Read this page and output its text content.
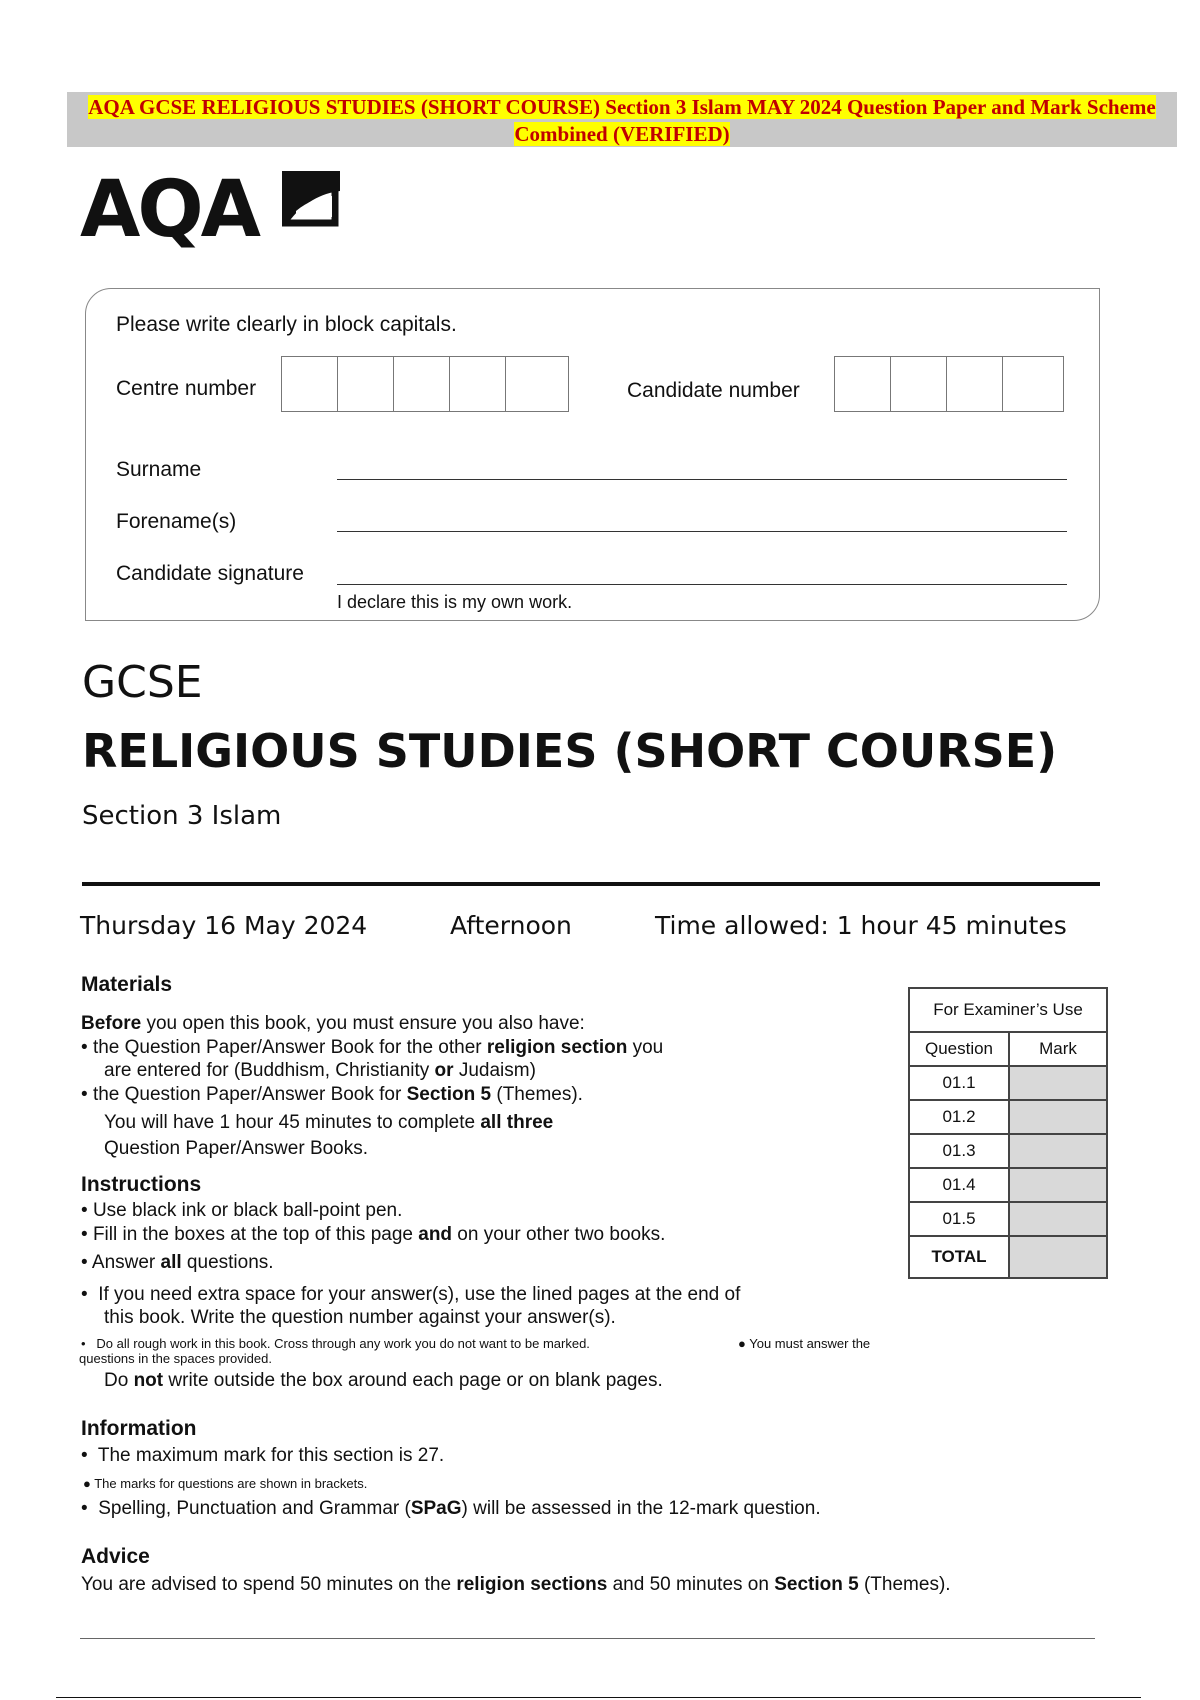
AQA GCSE RELIGIOUS STUDIES (SHORT COURSE) Section 3 Islam MAY 2024 Question Paper and Mark Scheme Combined (VERIFIED)
AQA
Please write clearly in block capitals.
Centre number	Candidate number
Surname
Forename(s)
Candidate signature
I declare this is my own work.
GCSE
RELIGIOUS STUDIES (SHORT COURSE)
Section 3 Islam
Thursday 16 May 2024	Afternoon	Time allowed: 1 hour 45 minutes
Materials
Before you open this book, you must ensure you also have:
• the Question Paper/Answer Book for the other religion section you
are entered for (Buddhism, Christianity or Judaism)
• the Question Paper/Answer Book for Section 5 (Themes).
You will have 1 hour 45 minutes to complete all three
Question Paper/Answer Books.
Instructions
• Use black ink or black ball-point pen.
• Fill in the boxes at the top of this page and on your other two books.
• Answer all questions.
•  If you need extra space for your answer(s), use the lined pages at the end of
this book. Write the question number against your answer(s).
•   Do all rough work in this book. Cross through any work you do not want to be marked.	● You must answer the
questions in the spaces provided.
Do not write outside the box around each page or on blank pages.
Information
•  The maximum mark for this section is 27.
● The marks for questions are shown in brackets.
•  Spelling, Punctuation and Grammar (SPaG) will be assessed in the 12-mark question.
Advice
You are advised to spend 50 minutes on the religion sections and 50 minutes on Section 5 (Themes).
For Examiner’s Use	
Question	Mark
01.1	
01.2	
01.3	
01.4	
01.5	
TOTAL	
